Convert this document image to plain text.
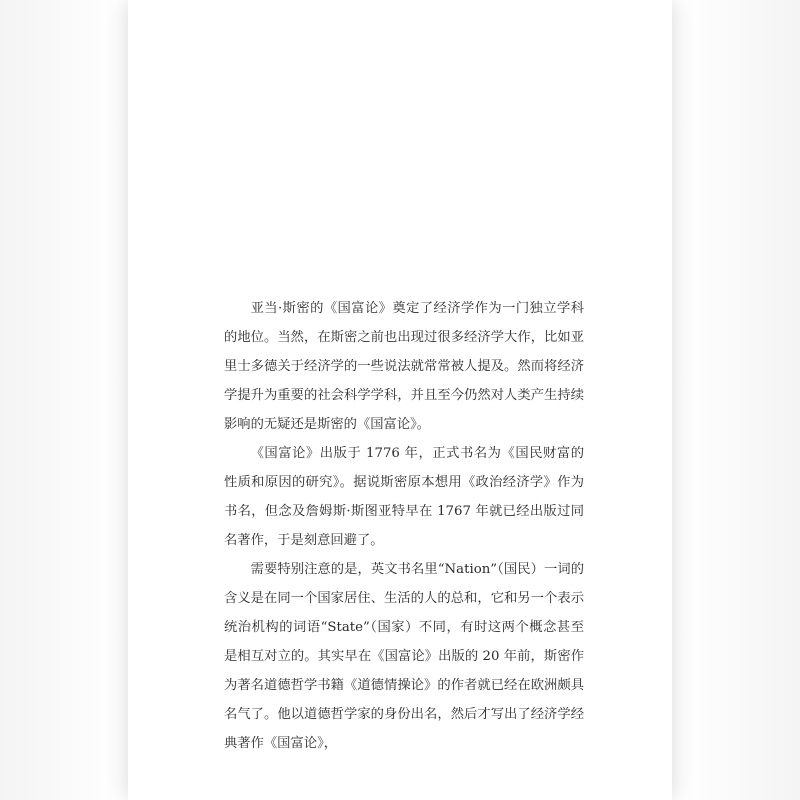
亚当·斯密的《国富论》奠定了经济学作为一门独立学科的地位。当然，在斯密之前也出现过很多经济学大作，比如亚里士多德关于经济学的一些说法就常常被人提及。然而将经济学提升为重要的社会科学学科，并且至今仍然对人类产生持续影响的无疑还是斯密的《国富论》。

《国富论》出版于 1776 年，正式书名为《国民财富的性质和原因的研究》。据说斯密原本想用《政治经济学》作为书名，但念及詹姆斯·斯图亚特早在 1767 年就已经出版过同名著作，于是刻意回避了。

需要特别注意的是，英文书名里“Nation”（国民）一词的含义是在同一个国家居住、生活的人的总和，它和另一个表示统治机构的词语“State”（国家）不同，有时这两个概念甚至是相互对立的。其实早在《国富论》出版的 20 年前，斯密作为著名道德哲学书籍《道德情操论》的作者就已经在欧洲颇具名气了。他以道德哲学家的身份出名，然后才写出了经济学经典著作《国富论》，
